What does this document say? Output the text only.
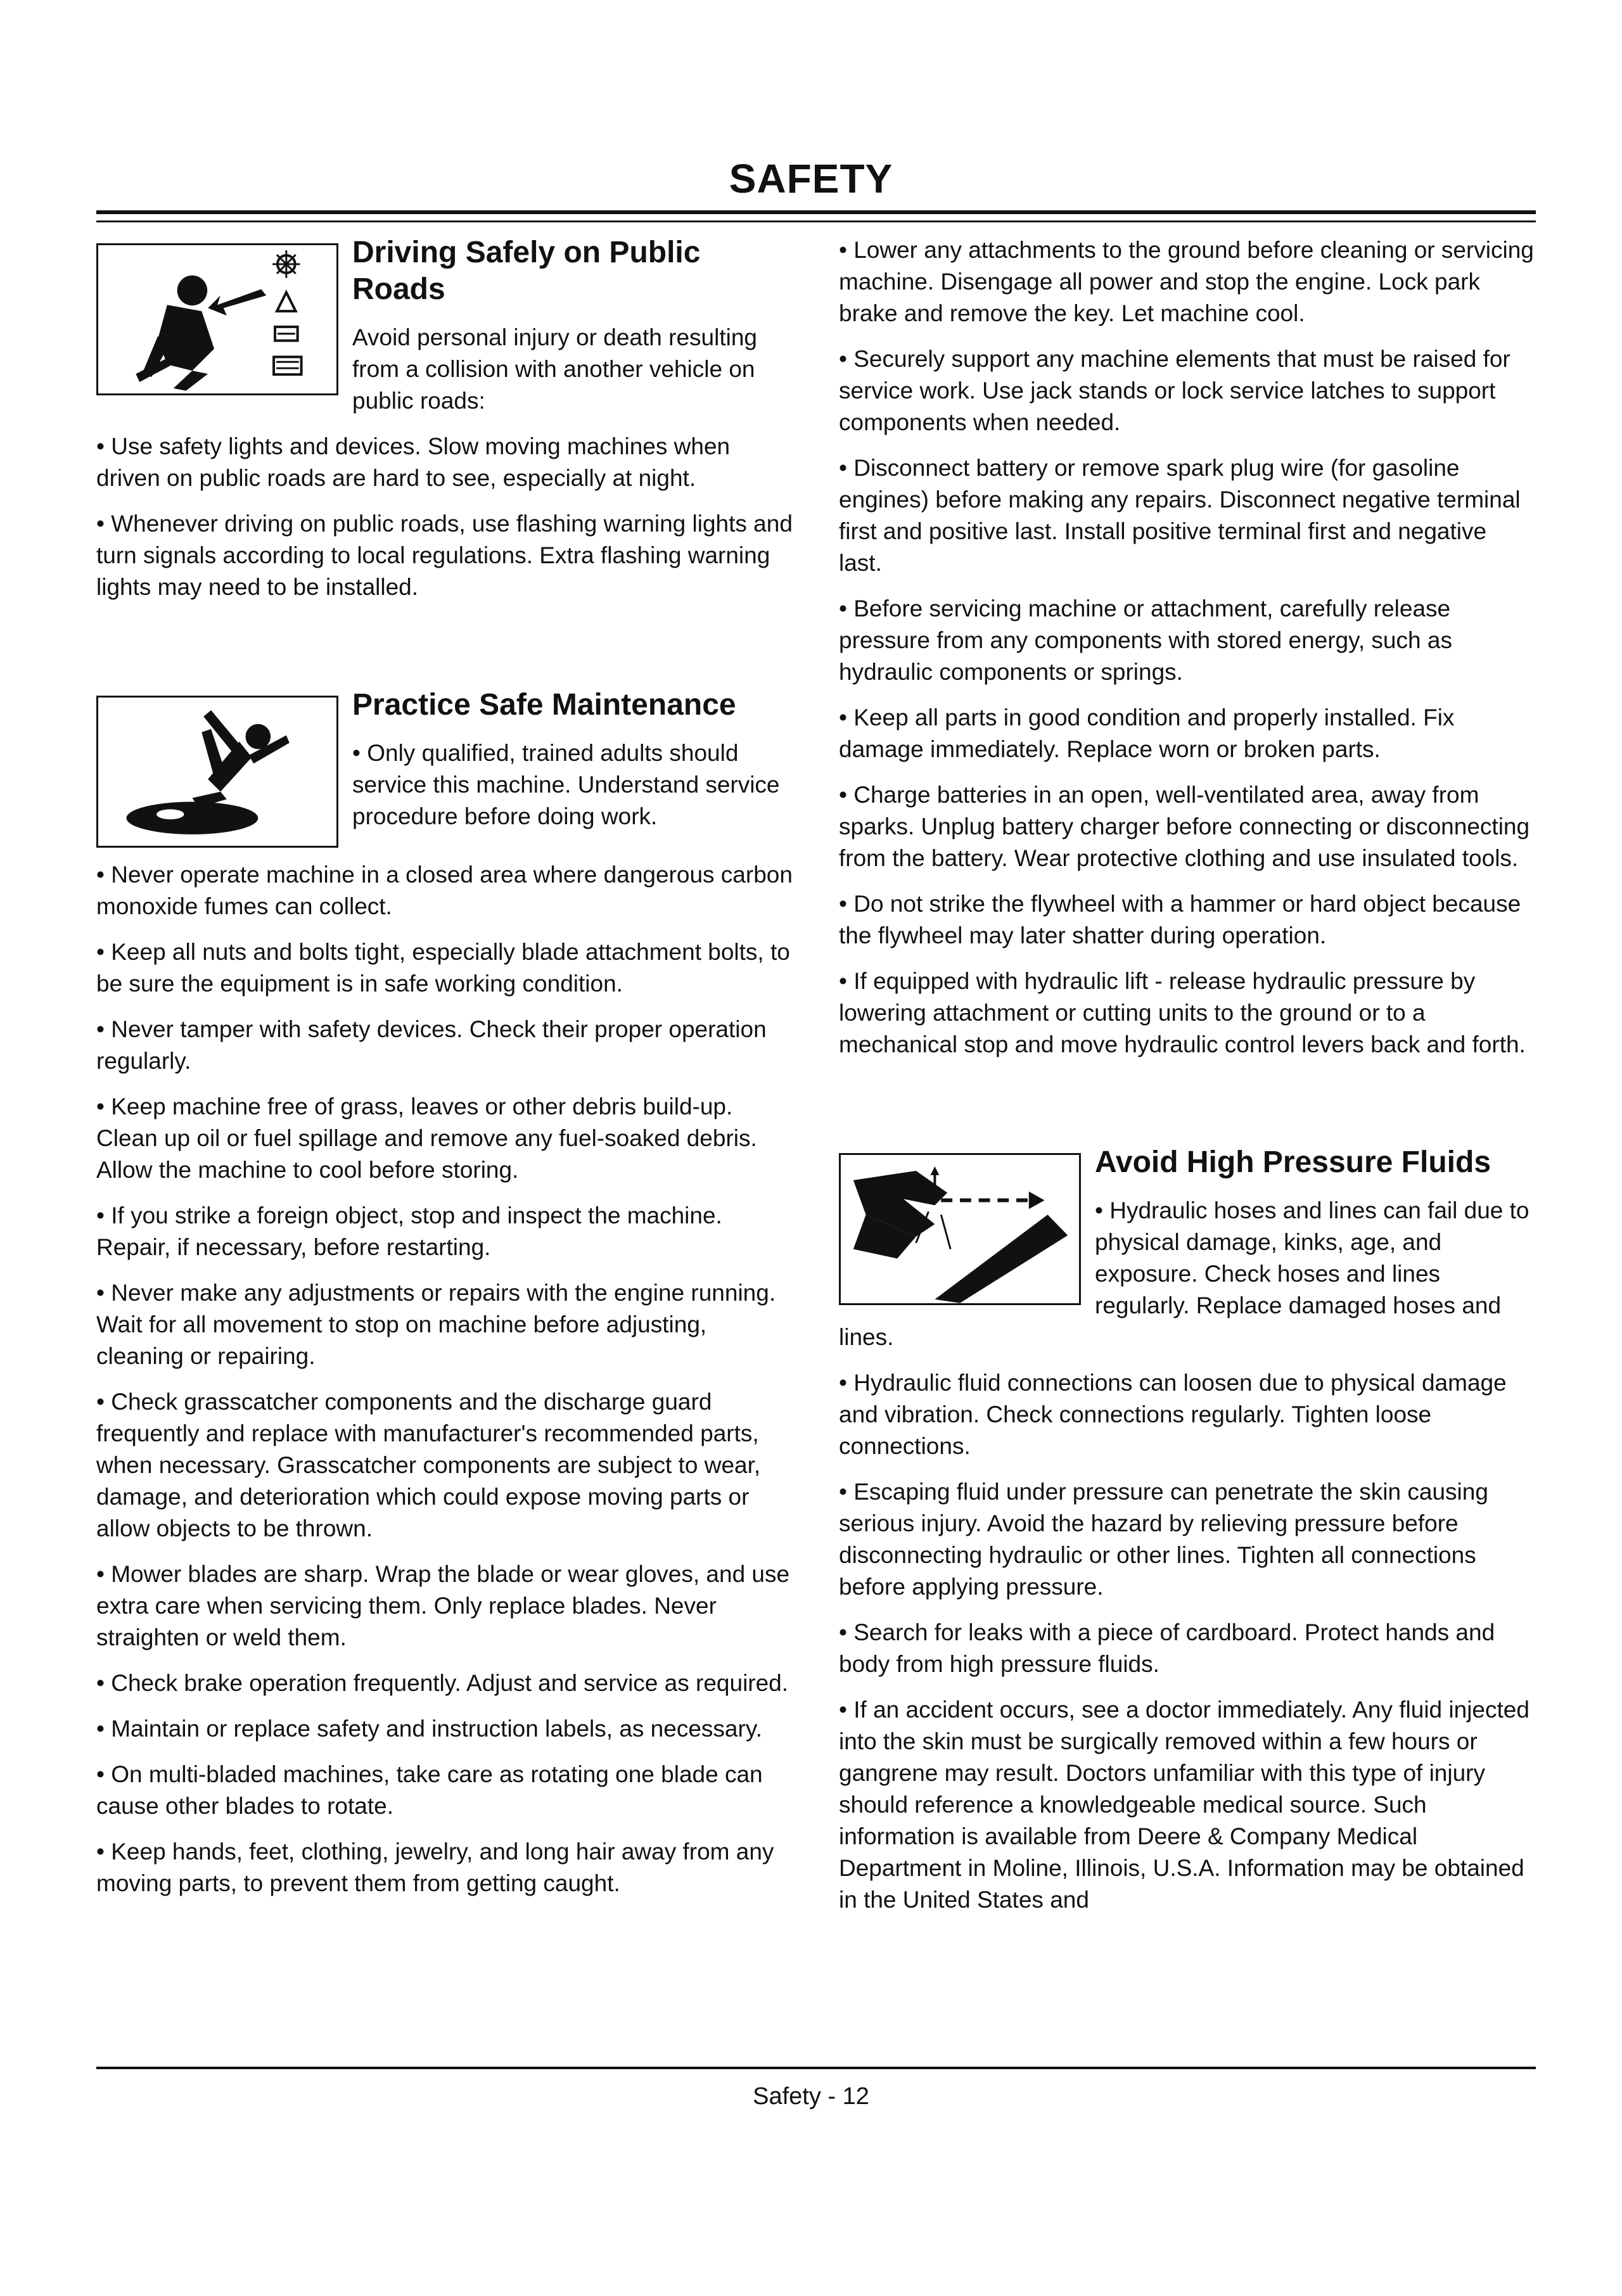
SAFETY
Driving Safely on Public Roads

Avoid personal injury or death resulting from a collision with another vehicle on public roads:

• Use safety lights and devices. Slow moving machines when driven on public roads are hard to see, especially at night.

• Whenever driving on public roads, use flashing warning lights and turn signals according to local regulations. Extra flashing warning lights may need to be installed.

Practice Safe Maintenance

• Only qualified, trained adults should service this machine. Understand service procedure before doing work.

• Never operate machine in a closed area where dangerous carbon monoxide fumes can collect.

• Keep all nuts and bolts tight, especially blade attachment bolts, to be sure the equipment is in safe working condition.

• Never tamper with safety devices. Check their proper operation regularly.

• Keep machine free of grass, leaves or other debris build-up. Clean up oil or fuel spillage and remove any fuel-soaked debris. Allow the machine to cool before storing.

• If you strike a foreign object, stop and inspect the machine. Repair, if necessary, before restarting.

• Never make any adjustments or repairs with the engine running. Wait for all movement to stop on machine before adjusting, cleaning or repairing.

• Check grasscatcher components and the discharge guard frequently and replace with manufacturer's recommended parts, when necessary. Grasscatcher components are subject to wear, damage, and deterioration which could expose moving parts or allow objects to be thrown.

• Mower blades are sharp. Wrap the blade or wear gloves, and use extra care when servicing them. Only replace blades. Never straighten or weld them.

• Check brake operation frequently. Adjust and service as required.

• Maintain or replace safety and instruction labels, as necessary.

• On multi-bladed machines, take care as rotating one blade can cause other blades to rotate.

• Keep hands, feet, clothing, jewelry, and long hair away from any moving parts, to prevent them from getting caught.

• Lower any attachments to the ground before cleaning or servicing machine. Disengage all power and stop the engine. Lock park brake and remove the key. Let machine cool.

• Securely support any machine elements that must be raised for service work. Use jack stands or lock service latches to support components when needed.

• Disconnect battery or remove spark plug wire (for gasoline engines) before making any repairs. Disconnect negative terminal first and positive last. Install positive terminal first and negative last.

• Before servicing machine or attachment, carefully release pressure from any components with stored energy, such as hydraulic components or springs.

• Keep all parts in good condition and properly installed. Fix damage immediately. Replace worn or broken parts.

• Charge batteries in an open, well-ventilated area, away from sparks. Unplug battery charger before connecting or disconnecting from the battery. Wear protective clothing and use insulated tools.

• Do not strike the flywheel with a hammer or hard object because the flywheel may later shatter during operation.

• If equipped with hydraulic lift - release hydraulic pressure by lowering attachment or cutting units to the ground or to a mechanical stop and move hydraulic control levers back and forth.

Avoid High Pressure Fluids

• Hydraulic hoses and lines can fail due to physical damage, kinks, age, and exposure. Check hoses and lines regularly. Replace damaged hoses and lines.

• Hydraulic fluid connections can loosen due to physical damage and vibration. Check connections regularly. Tighten loose connections.

• Escaping fluid under pressure can penetrate the skin causing serious injury. Avoid the hazard by relieving pressure before disconnecting hydraulic or other lines. Tighten all connections before applying pressure.

• Search for leaks with a piece of cardboard. Protect hands and body from high pressure fluids.

• If an accident occurs, see a doctor immediately. Any fluid injected into the skin must be surgically removed within a few hours or gangrene may result. Doctors unfamiliar with this type of injury should reference a knowledgeable medical source. Such information is available from Deere & Company Medical Department in Moline, Illinois, U.S.A. Information may be obtained in the United States and

Safety - 12
